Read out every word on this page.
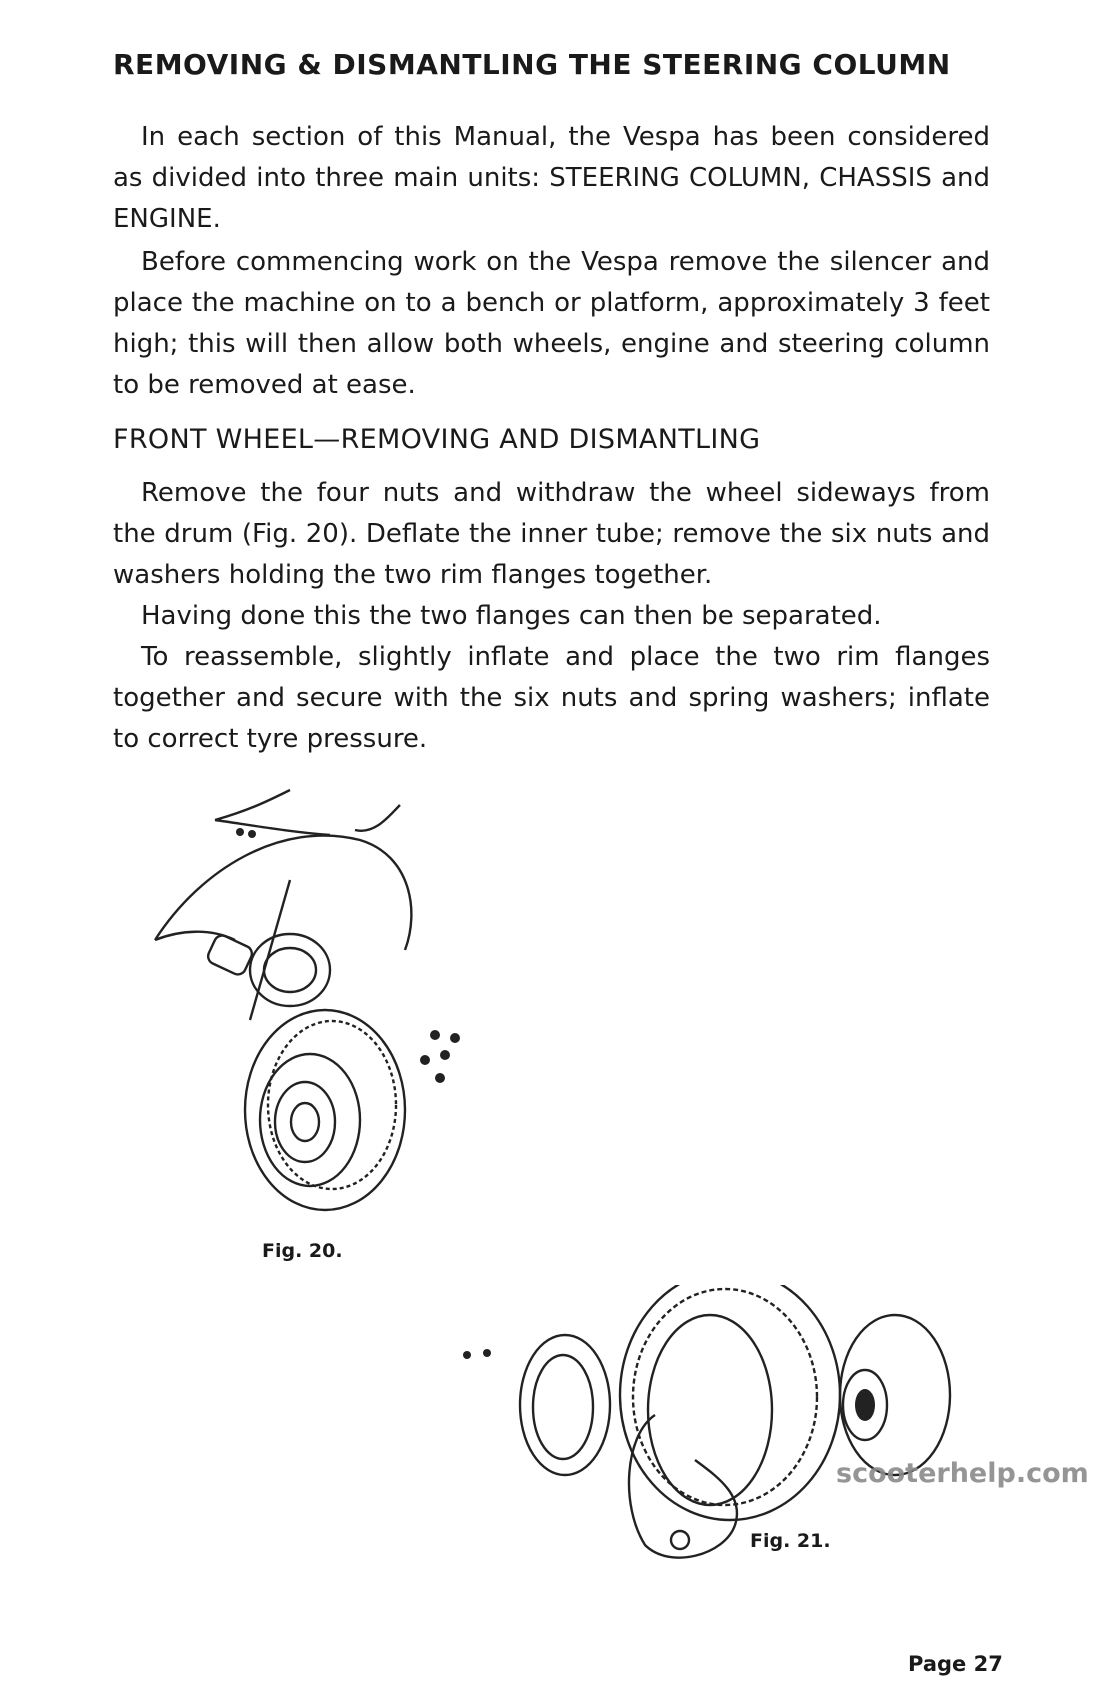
REMOVING & DISMANTLING THE STEERING COLUMN

In each section of this Manual, the Vespa has been considered as divided into three main units: STEERING COLUMN, CHASSIS and ENGINE.

Before commencing work on the Vespa remove the silencer and place the machine on to a bench or platform, approximately 3 feet high; this will then allow both wheels, engine and steering column to be removed at ease.

FRONT WHEEL—REMOVING AND DISMANTLING

Remove the four nuts and withdraw the wheel sideways from the drum (Fig. 20). Deflate the inner tube; remove the six nuts and washers holding the two rim flanges together.

Having done this the two flanges can then be separated.

To reassemble, slightly inflate and place the two rim flanges together and secure with the six nuts and spring washers; inflate to correct tyre pressure.

Fig. 20.
scooterhelp.com
Fig. 21.
Page 27
